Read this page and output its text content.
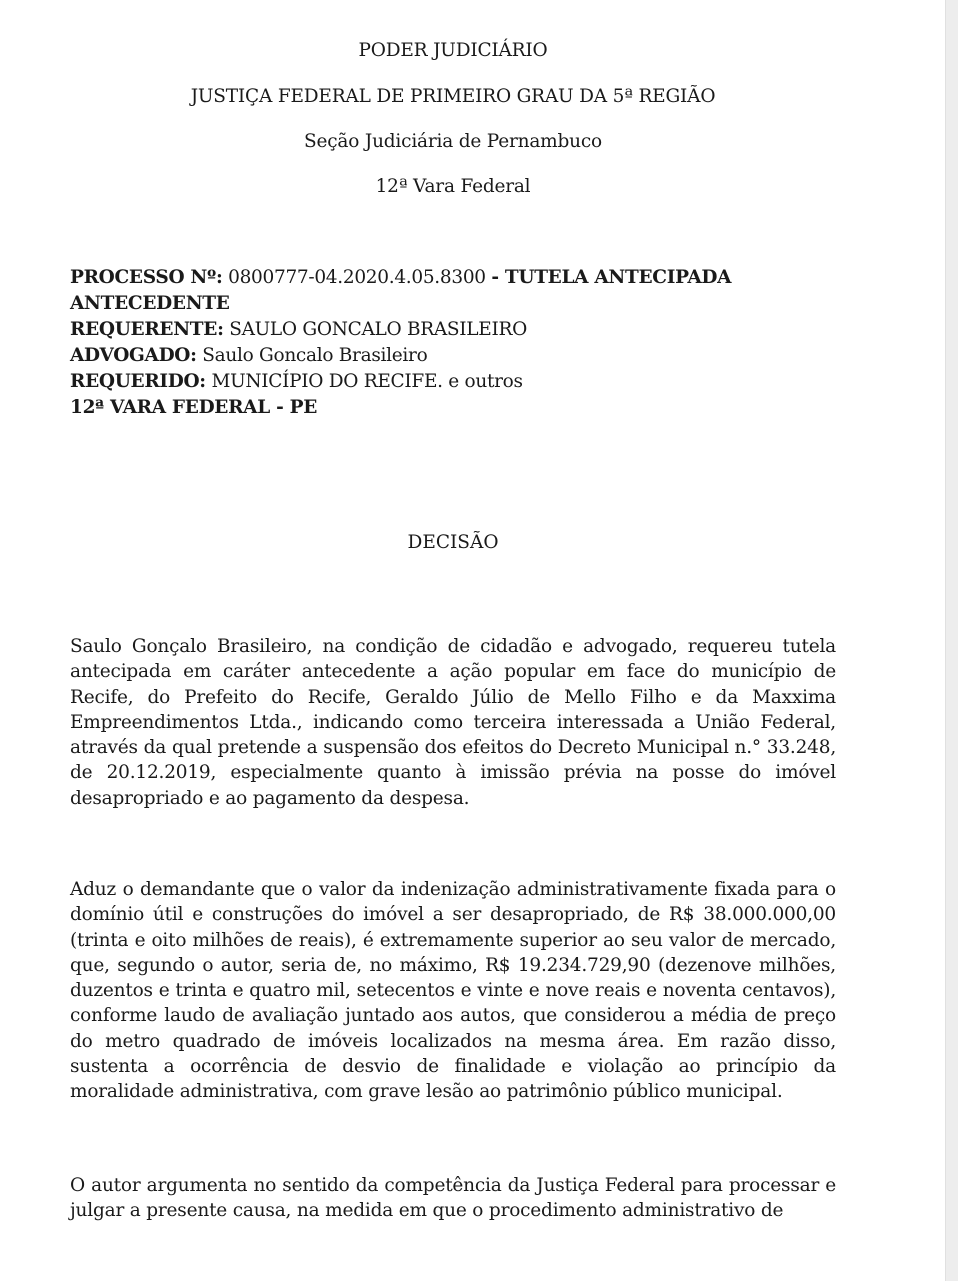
PODER JUDICIÁRIO
JUSTIÇA FEDERAL DE PRIMEIRO GRAU DA 5ª REGIÃO
Seção Judiciária de Pernambuco
12ª Vara Federal
PROCESSO Nº: 0800777-04.2020.4.05.8300 - TUTELA ANTECIPADA ANTECEDENTE
REQUERENTE: SAULO GONCALO BRASILEIRO
ADVOGADO: Saulo Goncalo Brasileiro
REQUERIDO: MUNICÍPIO DO RECIFE. e outros
12ª VARA FEDERAL - PE
DECISÃO

Saulo Gonçalo Brasileiro, na condição de cidadão e advogado, requereu tutela antecipada em caráter antecedente a ação popular em face do município de Recife, do Prefeito do Recife, Geraldo Júlio de Mello Filho e da Maxxima Empreendimentos Ltda., indicando como terceira interessada a União Federal, através da qual pretende a suspensão dos efeitos do Decreto Municipal n.° 33.248, de 20.12.2019, especialmente quanto à imissão prévia na posse do imóvel desapropriado e ao pagamento da despesa.

Aduz o demandante que o valor da indenização administrativamente fixada para o domínio útil e construções do imóvel a ser desapropriado, de R$ 38.000.000,00 (trinta e oito milhões de reais), é extremamente superior ao seu valor de mercado, que, segundo o autor, seria de, no máximo, R$ 19.234.729,90 (dezenove milhões, duzentos e trinta e quatro mil, setecentos e vinte e nove reais e noventa centavos), conforme laudo de avaliação juntado aos autos, que considerou a média de preço do metro quadrado de imóveis localizados na mesma área. Em razão disso, sustenta a ocorrência de desvio de finalidade e violação ao princípio da moralidade administrativa, com grave lesão ao patrimônio público municipal.

O autor argumenta no sentido da competência da Justiça Federal para processar e julgar a presente causa, na medida em que o procedimento administrativo de
